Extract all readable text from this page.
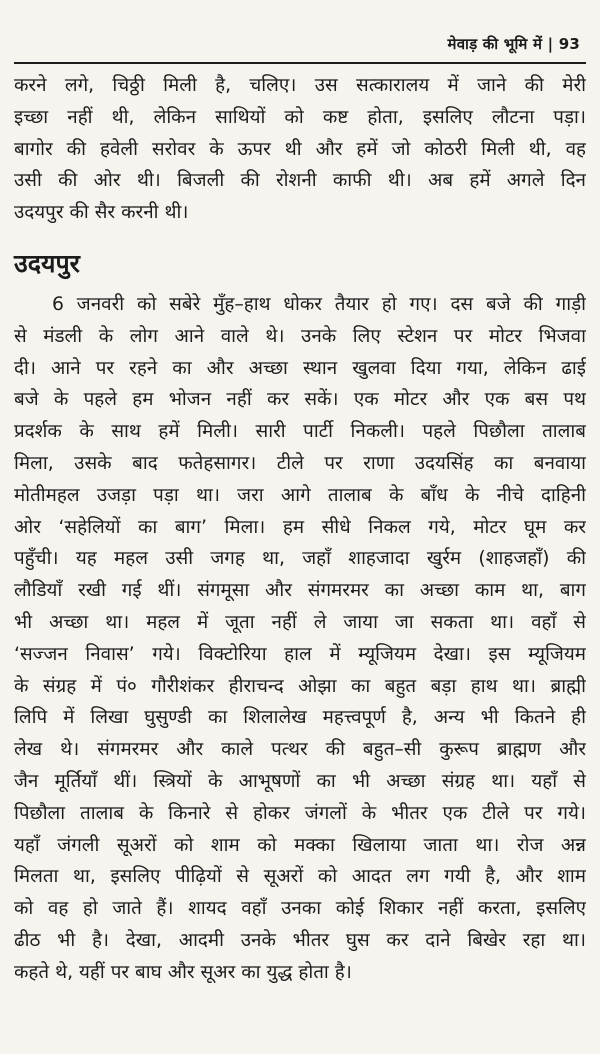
मेवाड़ की भूमि में | 93
करने लगे, चिठ्ठी मिली है, चलिए। उस सत्कारालय में जाने की मेरी
इच्छा नहीं थी, लेकिन साथियों को कष्ट होता, इसलिए लौटना पड़ा।
बागोर की हवेली सरोवर के ऊपर थी और हमें जो कोठरी मिली थी, वह
उसी की ओर थी। बिजली की रोशनी काफी थी। अब हमें अगले दिन
उदयपुर की सैर करनी थी।
उदयपुर
6 जनवरी को सबेरे मुँह–हाथ धोकर तैयार हो गए। दस बजे की गाड़ी
से मंडली के लोग आने वाले थे। उनके लिए स्टेशन पर मोटर भिजवा
दी। आने पर रहने का और अच्छा स्थान खुलवा दिया गया, लेकिन ढाई
बजे के पहले हम भोजन नहीं कर सकें। एक मोटर और एक बस पथ
प्रदर्शक के साथ हमें मिली। सारी पार्टी निकली। पहले पिछौला तालाब
मिला, उसके बाद फतेहसागर। टीले पर राणा उदयसिंह का बनवाया
मोतीमहल उजड़ा पड़ा था। जरा आगे तालाब के बाँध के नीचे दाहिनी
ओर ‘सहेलियों का बाग’ मिला। हम सीधे निकल गये, मोटर घूम कर
पहुँची। यह महल उसी जगह था, जहाँ शाहजादा खुर्रम (शाहजहाँ) की
लौडियाँ रखी गई थीं। संगमूसा और संगमरमर का अच्छा काम था, बाग
भी अच्छा था। महल में जूता नहीं ले जाया जा सकता था। वहाँ से
‘सज्जन निवास’ गये। विक्टोरिया हाल में म्यूजियम देखा। इस म्यूजियम
के संग्रह में पं० गौरीशंकर हीराचन्द ओझा का बहुत बड़ा हाथ था। ब्राह्मी
लिपि में लिखा घुसुण्डी का शिलालेख महत्त्वपूर्ण है, अन्य भी कितने ही
लेख थे। संगमरमर और काले पत्थर की बहुत–सी कुरूप ब्राह्मण और
जैन मूर्तियाँ थीं। स्त्रियों के आभूषणों का भी अच्छा संग्रह था। यहाँ से
पिछौला तालाब के किनारे से होकर जंगलों के भीतर एक टीले पर गये।
यहाँ जंगली सूअरों को शाम को मक्का खिलाया जाता था। रोज अन्न
मिलता था, इसलिए पीढ़ियों से सूअरों को आदत लग गयी है, और शाम
को वह हो जाते हैं। शायद वहाँ उनका कोई शिकार नहीं करता, इसलिए
ढीठ भी है। देखा, आदमी उनके भीतर घुस कर दाने बिखेर रहा था।
कहते थे, यहीं पर बाघ और सूअर का युद्ध होता है।
